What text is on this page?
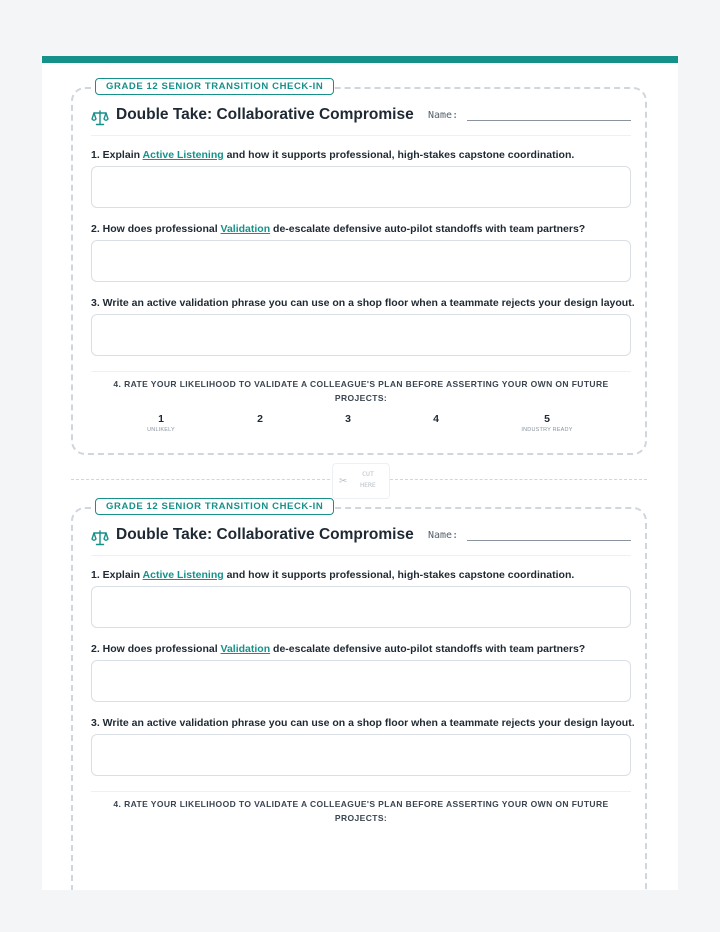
GRADE 12 SENIOR TRANSITION CHECK-IN
Double Take: Collaborative Compromise Name:
1. Explain Active Listening and how it supports professional, high-stakes capstone coordination.
2. How does professional Validation de-escalate defensive auto-pilot standoffs with team partners?
3. Write an active validation phrase you can use on a shop floor when a teammate rejects your design layout.
4. RATE YOUR LIKELIHOOD TO VALIDATE A COLLEAGUE'S PLAN BEFORE ASSERTING YOUR OWN ON FUTURE PROJECTS:
1	2	3	4	5
UNLIKELY	INDUSTRY READY
✂
CUT
HERE
GRADE 12 SENIOR TRANSITION CHECK-IN
Double Take: Collaborative Compromise Name:
1. Explain Active Listening and how it supports professional, high-stakes capstone coordination.
2. How does professional Validation de-escalate defensive auto-pilot standoffs with team partners?
3. Write an active validation phrase you can use on a shop floor when a teammate rejects your design layout.
4. RATE YOUR LIKELIHOOD TO VALIDATE A COLLEAGUE'S PLAN BEFORE ASSERTING YOUR OWN ON FUTURE PROJECTS:
